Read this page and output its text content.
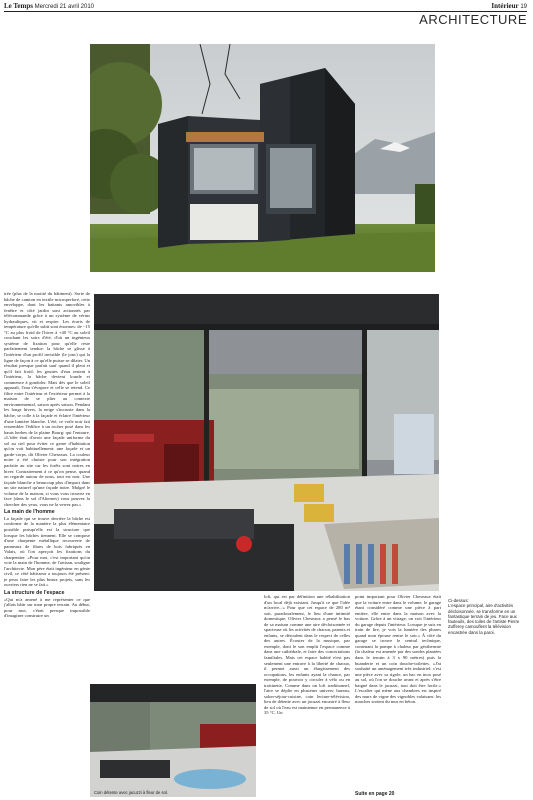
Le Temps Mercredi 21 avril 2010	Intérieur 19
ARCHITECTURE

trée (plus de la moitié du bâtiment). Sorte de bâche de camion en textile microperforé, cette enveloppe, dont les battants amovibles à fenêtre et côté jardin sont actionnés par télécommande grâce à un système de vérins hydrauliques, vit et respire. Les écarts de température qu'elle subit sont énormes: de −15 °C au plus froid de l'hiver à +40 °C au soleil couchant les soirs d'été, d'où un ingénieux système de fixation pour qu'elle reste parfaitement tendue: la bâche se glisse à l'intérieur d'un profil invisible (le jonc) qui la ligne de façon à ce qu'elle puisse se dilater. Un résultat presque parfait sauf quand il pleut et qu'il fait froid: les gouttes d'eau restent à l'intérieur, la bâche devient lourde et commence à gondoler. Mais dès que le soleil apparaît, l'eau s'évapore et celle se retend. Ce filtre entre l'intérieur et l'extérieur permet à la maison de se plier au contexte environnemental, saison après saison. Pendant les longs hivers, la neige s'incruste dans la bâche, se colle à la façade et éclaire l'intérieur d'une lumière blanche. L'été, ce voile noir fait ressembler l'édifice à un rocher posé dans les hauts herbes de la plaine Bourg: qui l'entoure. «L'idée était d'avoir une façade uniforme du sol au ciel pour éviter ce genre d'habitation qu'on voit habituellement: une façade et un garde-corps, dit Olivier Cheseaux. La couleur noire a été choisie pour son intégration parfaite au site car les forêts sont noires en hiver. Contrairement à ce qu'on pense, quand on regarde autour de nous, tout est noir. Une façade blanche a beaucoup plus d'impact dans un site naturel qu'une façade noire. Malgré le volume de la maison, si vous vous trouvez en face (dans le sol d'Alternes) vous pouvez la chercher des yeux, vous ne la verrez pas.»

La main de l'homme

La façade qui se trouve derrière la bâche est conforme de la manière la plus élémentaire possible puisqu'elle est la structure que lorsque les bâches tiennent. Elle se compose d'une charpente métallique recouverte de panneaux de fibres de bois fabriqués en Valais, où l'on aperçoit les fixations du charpentier. «Pour moi, c'est important qu'on voie la main de l'homme, de l'artisan, souligne l'architecte. Mon père était ingénieur en génie civil, ce côté bâtisseur a toujours été présent: je peux faire les plus beaux projets, sans les ouvriers rien ne se fait.»

La structure de l'espace

«Qui m'a amené à me représenter ce que j'allais bâtir sur mon propre terrain. Au début, pour moi, c'était presque impossible d'imaginer construire un

loft, qui est par définition une réhabilitation d'un local déjà existant. Jusqu'à ce que l'idée m'arrive...» Pour que cet espace de 280 m² soit, paradoxalement, le lieu d'une intimité domestique, Olivier Cheseaux a pensé le bas de sa maison comme une aire décloisonnée et spacieuse où les activités de chacun, parents et enfants, se déroulent dans le respect de celles des autres. Écouter de la musique, par exemple, dont le son emplit l'espace comme dans une cathédrale, et faire des concertations familiales. Mais cet espace habité n'est pas seulement une entrave à la liberté de chacun, il permet aussi un élargissement des occupations, les enfants ayant la chance, par exemple, de pouvoir y circuler à vélo ou en trottinette. Comme dans un loft traditionnel, l'aire se déplie en plusieurs univers: bureau, salon-séjour-cuisine, coin lecture-télévision, lieu de détente avec un jacuzzi encastré à fleur de sol où l'eau est maintenue en permanence à 35 °C. Un

point important pour Olivier Cheseaux était que la voiture entre dans le volume, le garage étant considéré comme une pièce à part entière, elle entre dans la maison avec la voiture. Grâce à un vitrage, on voit l'intérieur du garage depuis l'intérieur. Lorsque je suis en train de lire, je vois la lumière des phares quand mon épouse rentre le soir.» À côté du garage se trouve le central technique, contenant la pompe à chaleur par géothermie (la chaleur est amenée par des sondes plantées dans le terrain à 3 x 90 mètres) puis la buanderie et un coin douche-toilettes. «J'ai souhaité un aménagement très industriel: c'est une pièce avec sa rigole, un bac en inox posé au sol, où l'on se douche avant et après s'être baigné dans le jacuzzi, tout doit être facile.» L'escalier qui mène aux chambres est inspiré des murs de vigne des vignobles valaisans: les marches sortent du mur en béton.

Suite en page 20
Ci-dessus:
L'espace principal, aire d'activités décloisonnée, se transforme en un fantastique terrain de jeu. Face aux fauteuils, des toiles de l'artiste Pierre Zufferey camouflent la télévision encastrée dans la paroi.
Coin détente avec jacuzzi à fleur de sol.
